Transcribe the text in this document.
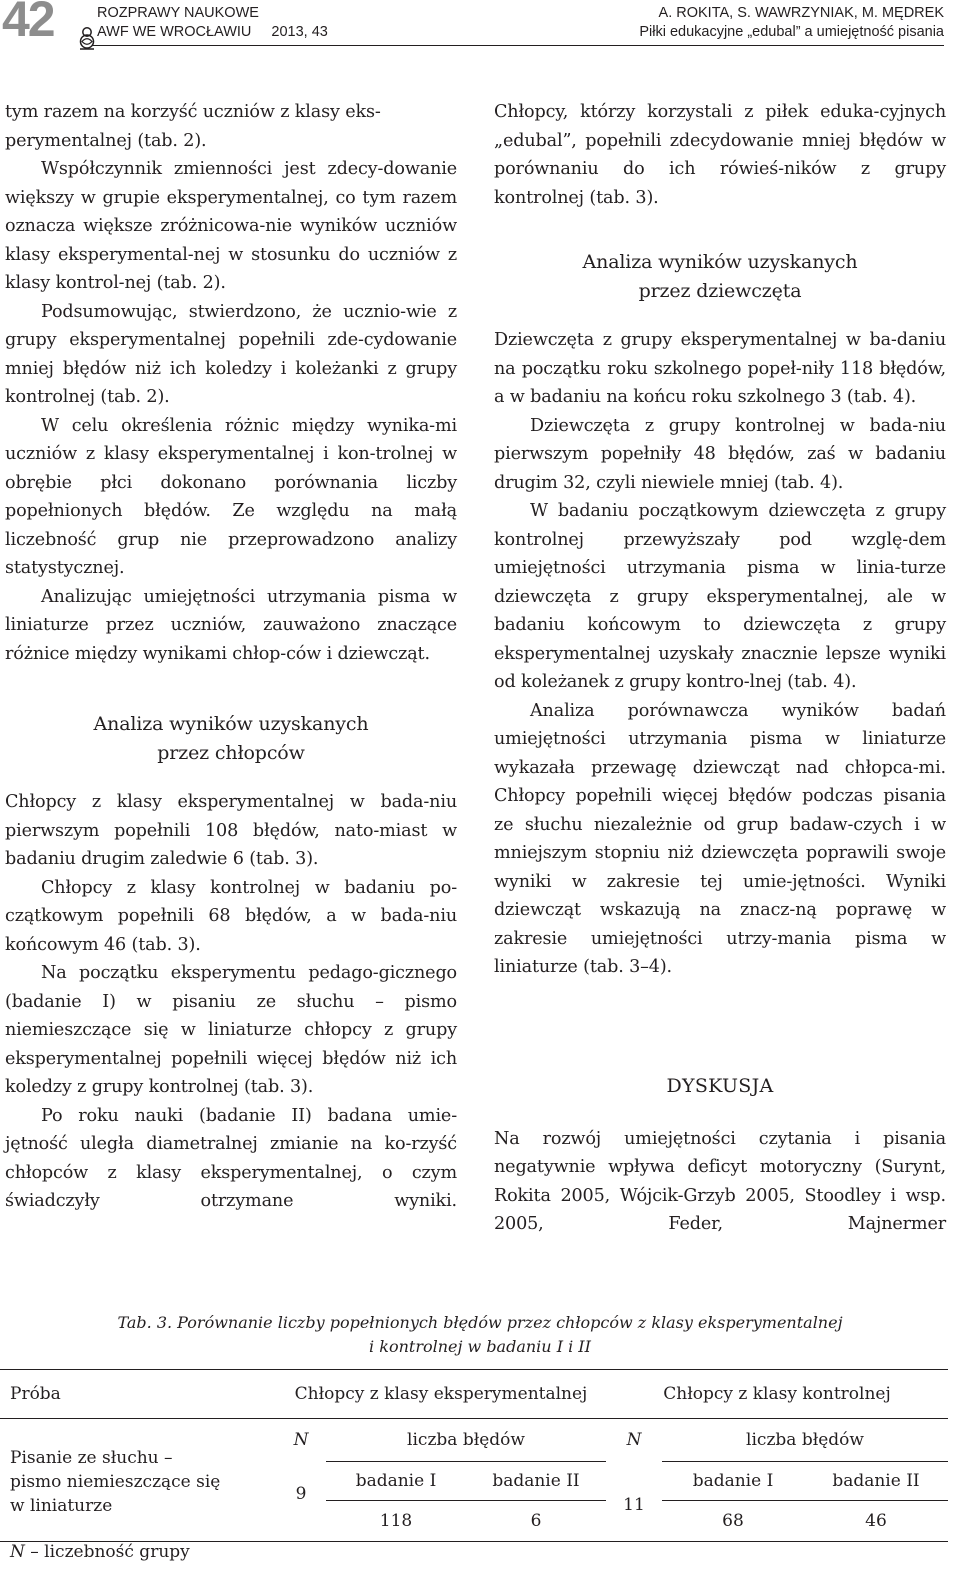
42	ROZPRAWY NAUKOWE
AWF WE WROCŁAWIU 2013, 43
A. ROKITA, S. WAWRZYNIAK, M. MĘDREK
Piłki edukacyjne „edubal” a umiejętność pisania

tym razem na korzyść uczniów z klasy eks-
perymentalnej (tab. 2).

Współczynnik zmienności jest zdecy-dowanie większy w grupie eksperymentalnej, co tym razem oznacza większe zróżnicowa-nie wyników uczniów klasy eksperymental-nej w stosunku do uczniów z klasy kontrol-nej (tab. 2).

Podsumowując, stwierdzono, że ucznio-wie z grupy eksperymentalnej popełnili zde-cydowanie mniej błędów niż ich koledzy i koleżanki z grupy kontrolnej (tab. 2).

W celu określenia różnic między wynika-mi uczniów z klasy eksperymentalnej i kon-trolnej w obrębie płci dokonano porównania liczby popełnionych błędów. Ze względu na małą liczebność grup nie przeprowadzono analizy statystycznej.

Analizując umiejętności utrzymania pisma w liniaturze przez uczniów, zauważono znaczące różnice między wynikami chłop-ców i dziewcząt.

Analiza wyników uzyskanych
przez chłopców

Chłopcy z klasy eksperymentalnej w bada-niu pierwszym popełnili 108 błędów, nato-miast w badaniu drugim zaledwie 6 (tab. 3).

Chłopcy z klasy kontrolnej w badaniu po-czątkowym popełnili 68 błędów, a w bada-niu końcowym 46 (tab. 3).

Na początku eksperymentu pedago-gicznego (badanie I) w pisaniu ze słuchu – pismo niemieszczące się w liniaturze chłopcy z grupy eksperymentalnej popełnili więcej błędów niż ich koledzy z grupy kontrolnej (tab. 3).

Po roku nauki (badanie II) badana umie-jętność uległa diametralnej zmianie na ko-rzyść chłopców z klasy eksperymentalnej, o czym świadczyły otrzymane wyniki.

Chłopcy, którzy korzystali z piłek eduka-cyjnych „edubal”, popełnili zdecydowanie mniej błędów w porównaniu do ich rówieś-ników z grupy kontrolnej (tab. 3).

Analiza wyników uzyskanych
przez dziewczęta

Dziewczęta z grupy eksperymentalnej w ba-daniu na początku roku szkolnego popeł-niły 118 błędów, a w badaniu na końcu roku szkolnego 3 (tab. 4).

Dziewczęta z grupy kontrolnej w bada-niu pierwszym popełniły 48 błędów, zaś w badaniu drugim 32, czyli niewiele mniej (tab. 4).

W badaniu początkowym dziewczęta z grupy kontrolnej przewyższały pod wzglę-dem umiejętności utrzymania pisma w linia-turze dziewczęta z grupy eksperymentalnej, ale w badaniu końcowym to dziewczęta z grupy eksperymentalnej uzyskały znacznie lepsze wyniki od koleżanek z grupy kontro-lnej (tab. 4).

Analiza porównawcza wyników badań umiejętności utrzymania pisma w liniaturze wykazała przewagę dziewcząt nad chłopca-mi. Chłopcy popełnili więcej błędów podczas pisania ze słuchu niezależnie od grup badaw-czych i w mniejszym stopniu niż dziewczęta poprawili swoje wyniki w zakresie tej umie-jętności. Wyniki dziewcząt wskazują na znacz-ną poprawę w zakresie umiejętności utrzy-mania pisma w liniaturze (tab. 3–4).

DYSKUSJA

Na rozwój umiejętności czytania i pisania negatywnie wpływa deficyt motoryczny (Surynt, Rokita 2005, Wójcik-Grzyb 2005, Stoodley i wsp. 2005, Feder, Majnermer

Tab. 3. Porównanie liczby popełnionych błędów przez chłopców z klasy eksperymentalnej
i kontrolnej w badaniu I i II
Próba	Chłopcy z klasy eksperymentalnej			Chłopcy z klasy kontrolnej		
Pisanie ze słuchu –
pismo niemieszczące się
w liniaturze	N	liczba błędów		N	liczba błędów	
	9	badanie I	badanie II	11	badanie I	badanie II
		118	6		68	46

N – liczebność grupy
